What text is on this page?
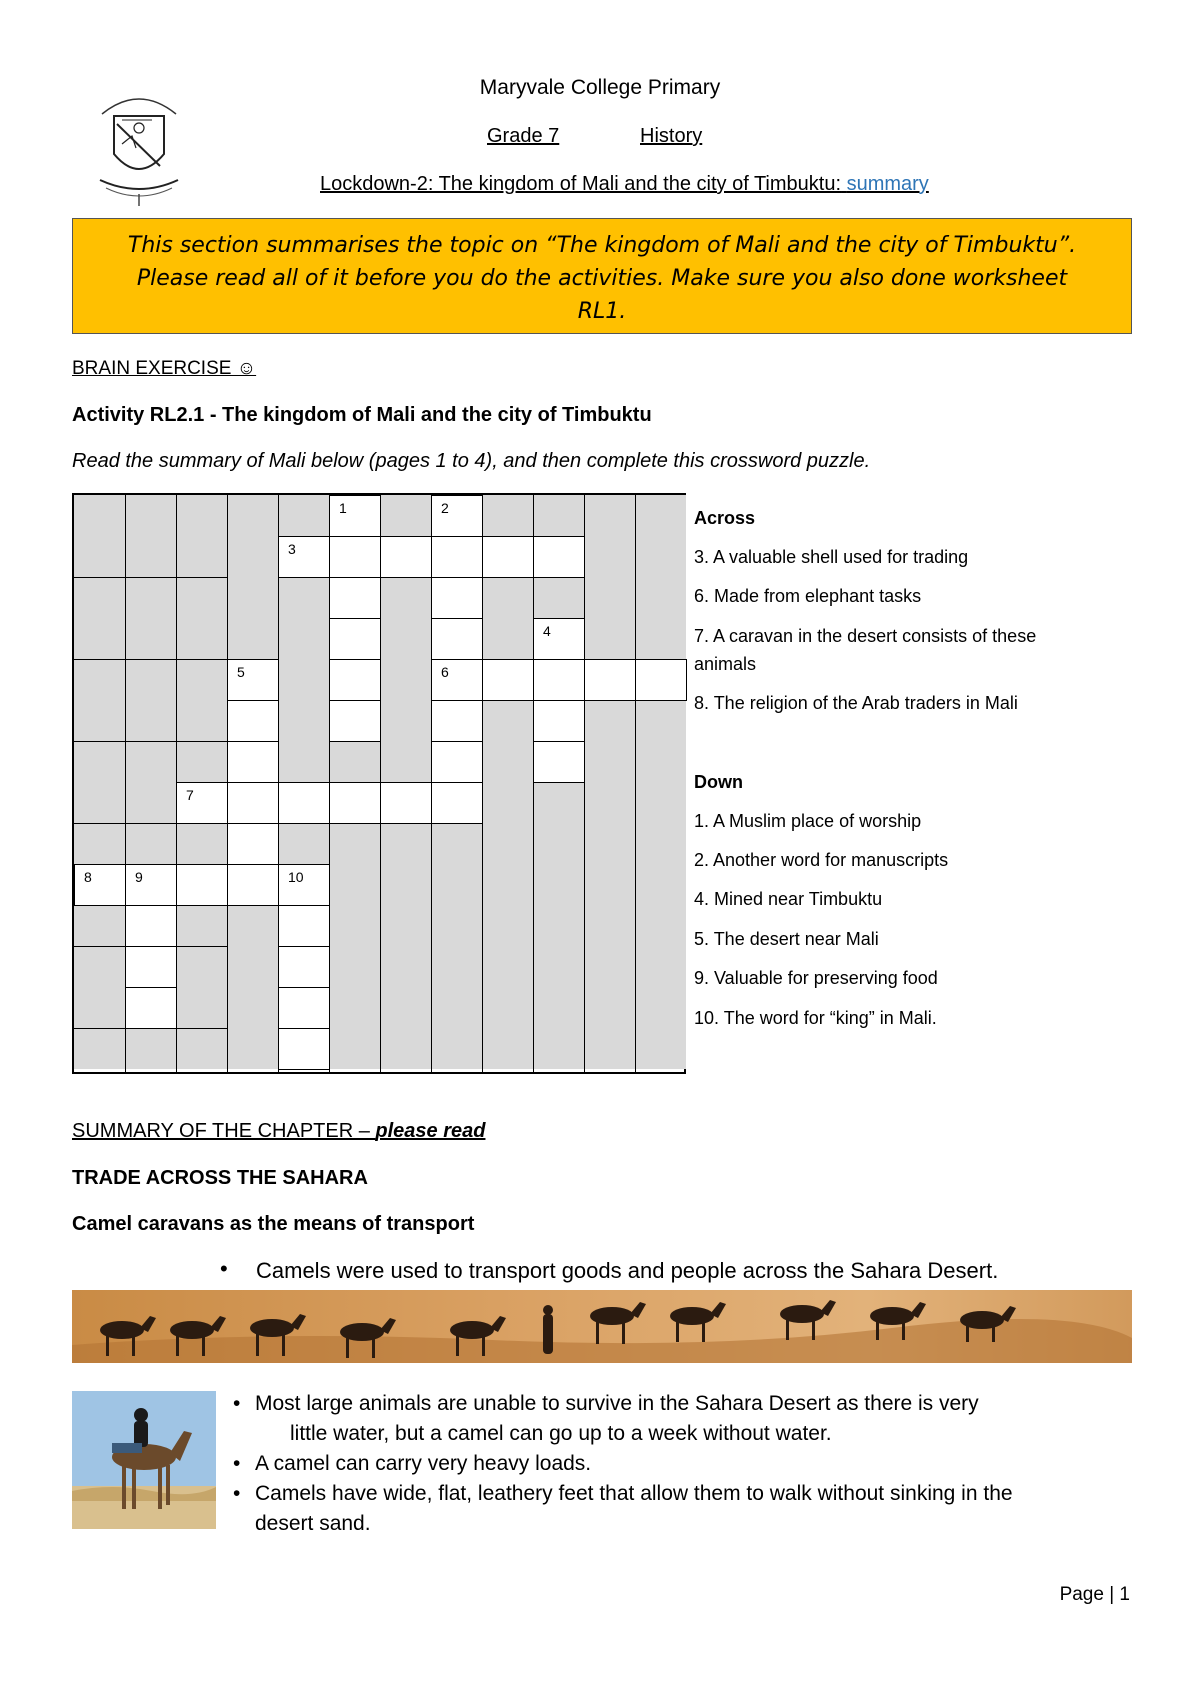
Maryvale College Primary
Grade 7	History
Lockdown-2: The kingdom of Mali and the city of Timbuktu: summary
This section summarises the topic on “The kingdom of Mali and the city of Timbuktu”.
Please read all of it before you do the activities. Make sure you also done worksheet
RL1.
BRAIN EXERCISE ☺
Activity RL2.1 - The kingdom of Mali and the city of Timbuktu
Read the summary of Mali below (pages 1 to 4), and then complete this crossword puzzle.
1	2
3
4
5	6
7
8	9	10
Across
3. A valuable shell used for trading
6. Made from elephant tasks
7. A caravan in the desert consists of these
animals
8. The religion of the Arab traders in Mali
Down
1. A Muslim place of worship
2. Another word for manuscripts
4. Mined near Timbuktu
5. The desert near Mali
9. Valuable for preserving food
10. The word for “king” in Mali.
SUMMARY OF THE CHAPTER – please read
TRADE ACROSS THE SAHARA
Camel caravans as the means of transport
• Camels were used to transport goods and people across the Sahara Desert.
• Most large animals are unable to survive in the Sahara Desert as there is very
little water, but a camel can go up to a week without water.
• A camel can carry very heavy loads.
• Camels have wide, flat, leathery feet that allow them to walk without sinking in the
desert sand.
Page | 1
